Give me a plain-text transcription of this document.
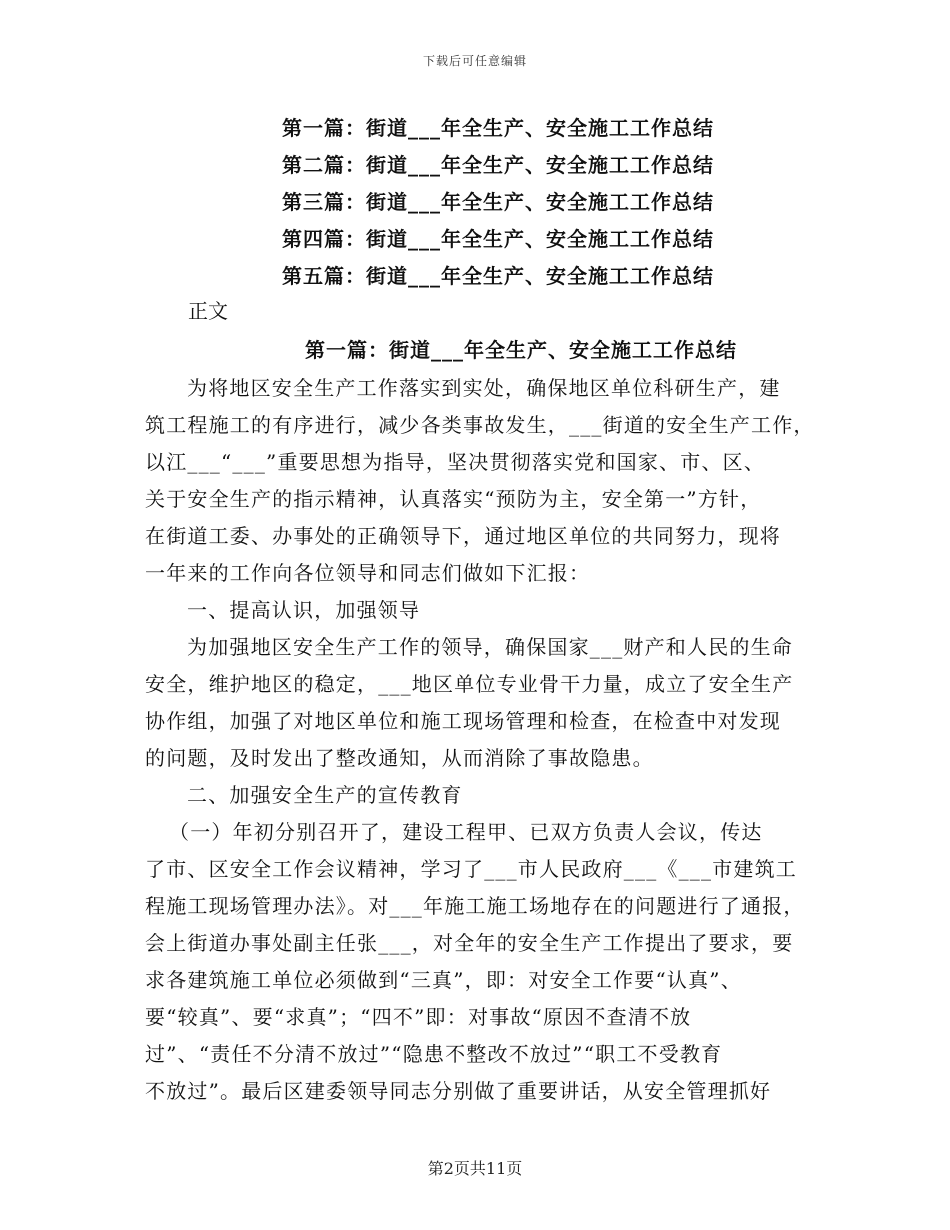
下载后可任意编辑
第一篇：街道___年全生产、安全施工工作总结
第二篇：街道___年全生产、安全施工工作总结
第三篇：街道___年全生产、安全施工工作总结
第四篇：街道___年全生产、安全施工工作总结
第五篇：街道___年全生产、安全施工工作总结
正文
第一篇：街道___年全生产、安全施工工作总结
为将地区安全生产工作落实到实处，确保地区单位科研生产，建
筑工程施工的有序进行，减少各类事故发生，___街道的安全生产工作，
以江___“___”重要思想为指导，坚决贯彻落实党和国家、市、区、
关于安全生产的指示精神，认真落实“预防为主，安全第一”方针，
在街道工委、办事处的正确领导下，通过地区单位的共同努力，现将
一年来的工作向各位领导和同志们做如下汇报：
一、提高认识，加强领导
为加强地区安全生产工作的领导，确保国家___财产和人民的生命
安全，维护地区的稳定，___地区单位专业骨干力量，成立了安全生产
协作组，加强了对地区单位和施工现场管理和检查，在检查中对发现
的问题，及时发出了整改通知，从而消除了事故隐患。
二、加强安全生产的宣传教育
（一）年初分别召开了，建设工程甲、已双方负责人会议，传达
了市、区安全工作会议精神，学习了___市人民政府___《___市建筑工
程施工现场管理办法》。对___年施工施工场地存在的问题进行了通报，
会上街道办事处副主任张___，对全年的安全生产工作提出了要求，要
求各建筑施工单位必须做到“三真”，即：对安全工作要“认真”、
要“较真”、要“求真”；“四不”即：对事故“原因不查清不放
过”、“责任不分清不放过”“隐患不整改不放过”“职工不受教育
不放过”。最后区建委领导同志分别做了重要讲话，从安全管理抓好
第2页共11页
